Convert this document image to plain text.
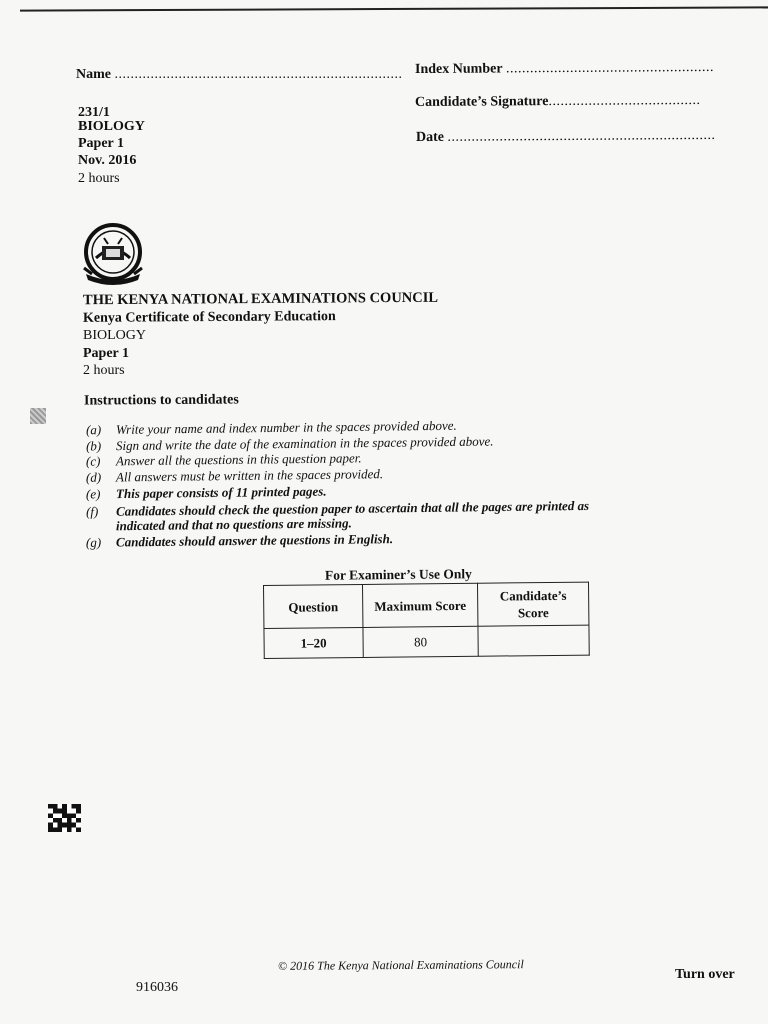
Name ........................................................................
231/1
BIOLOGY
Paper 1
Nov. 2016
2 hours
Index Number ....................................................
Candidate’s Signature......................................
Date ...................................................................
THE KENYA NATIONAL EXAMINATIONS COUNCIL
Kenya Certificate of Secondary Education
BIOLOGY
Paper 1
2 hours
Instructions to candidates
(a) Write your name and index number in the spaces provided above.
(b) Sign and write the date of the examination in the spaces provided above.
(c) Answer all the questions in this question paper.
(d) All answers must be written in the spaces provided.
(e) This paper consists of 11 printed pages.
(f) Candidates should check the question paper to ascertain that all the pages are printed as
indicated and that no questions are missing.
(g) Candidates should answer the questions in English.
For Examiner’s Use Only
Question	Maximum Score	Candidate’s Score
1–20	80	
© 2016 The Kenya National Examinations Council
916036
Turn over
